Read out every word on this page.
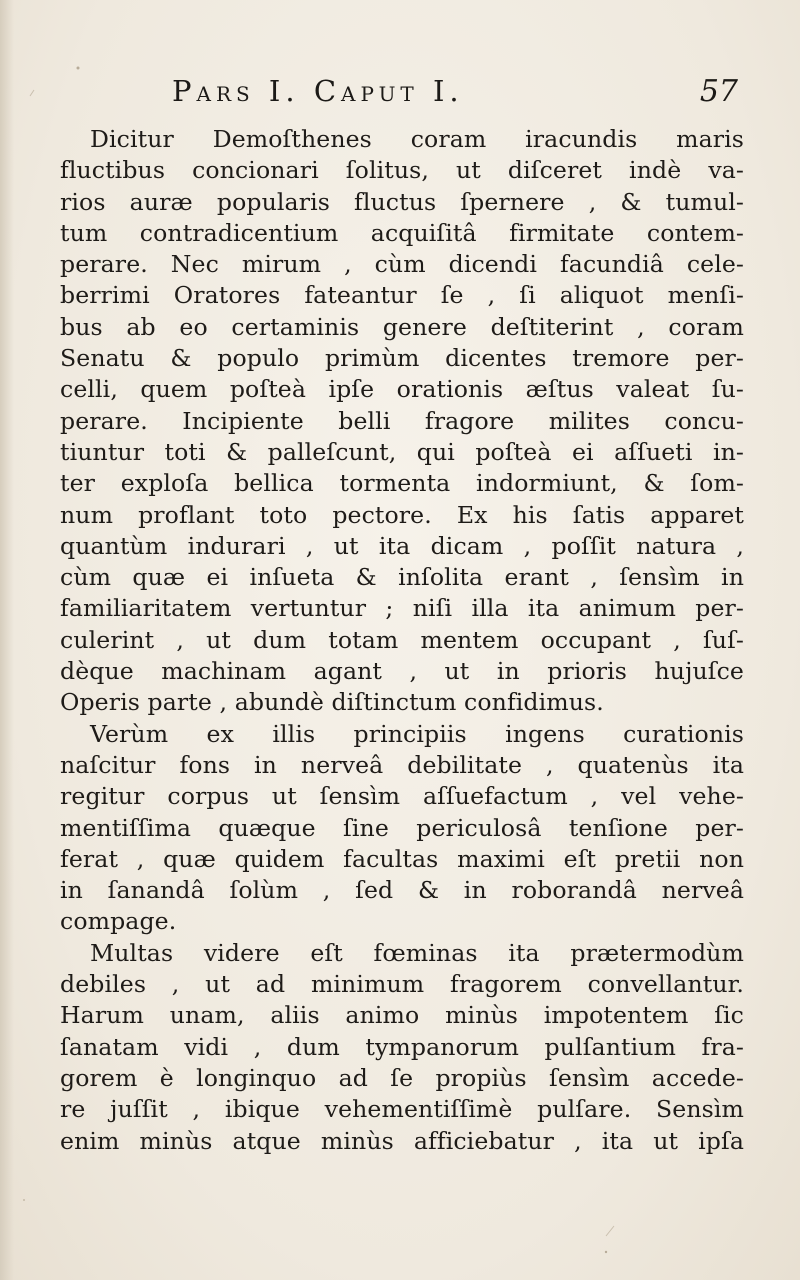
Pars I. Caput I.	57
Dicitur Demoſthenes coram iracundis maris
fluctibus concionari ſolitus, ut diſceret indè va-
rios auræ popularis fluctus ſpernere , & tumul-
tum contradicentium acquiſitâ firmitate contem-
perare. Nec mirum , cùm dicendi facundiâ cele-
berrimi Oratores fateantur ſe , ſi aliquot menſi-
bus ab eo certaminis genere deſtiterint , coram
Senatu & populo primùm dicentes tremore per-
celli, quem poſteà ipſe orationis æſtus valeat ſu-
perare. Incipiente belli fragore milites concu-
tiuntur toti & palleſcunt, qui poſteà ei aſſueti in-
ter exploſa bellica tormenta indormiunt, & ſom-
num proflant toto pectore. Ex his ſatis apparet
quantùm indurari , ut ita dicam , poſſit natura ,
cùm quæ ei inſueta & inſolita erant , ſensìm in
familiaritatem vertuntur ; niſi illa ita animum per-
culerint , ut dum totam mentem occupant , ſuſ-
dèque machinam agant , ut in prioris hujuſce
Operis parte , abundè diſtinctum confidimus.
Verùm ex illis principiis ingens curationis
naſcitur fons in nerveâ debilitate , quatenùs ita
regitur corpus ut ſensìm aſſuefactum , vel vehe-
mentiſſima quæque ſine periculosâ tenſione per-
ferat , quæ quidem facultas maximi eſt pretii non
in ſanandâ ſolùm , ſed & in roborandâ nerveâ
compage.
Multas videre eſt fœminas ita prætermodùm
debiles , ut ad minimum fragorem convellantur.
Harum unam, aliis animo minùs impotentem ſic
ſanatam vidi , dum tympanorum pulſantium fra-
gorem è longinquo ad ſe propiùs ſensìm accede-
re juſſit , ibique vehementiſſimè pulſare. Sensìm
enim minùs atque minùs afficiebatur , ita ut ipſa
